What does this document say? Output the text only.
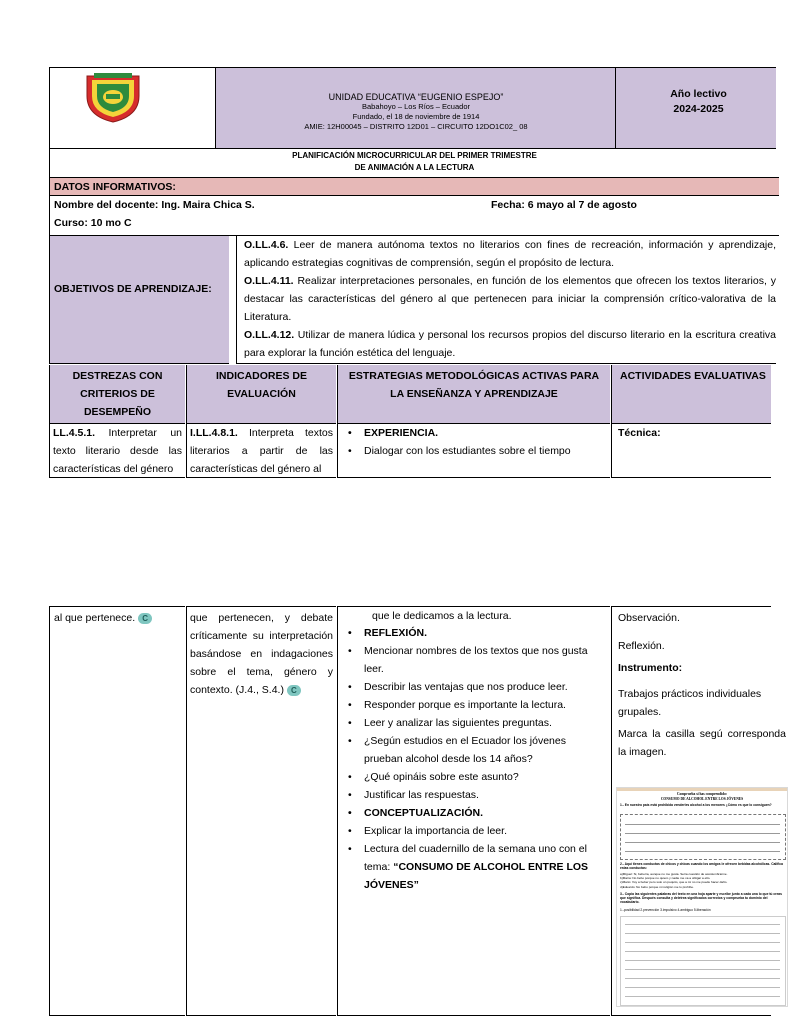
UNIDAD EDUCATIVA “EUGENIO ESPEJO”
Babahoyo – Los Ríos – Ecuador
Fundado, el 18 de noviembre de 1914
AMIE: 12H00045 – DISTRITO 12D01 – CIRCUITO 12DO1C02_ 08
Año lectivo
2024-2025
PLANIFICACIÓN MICROCURRICULAR DEL PRIMER TRIMESTRE
DE ANIMACIÓN A LA LECTURA
DATOS INFORMATIVOS:
Nombre del docente: Ing. Maira Chica S.	Fecha: 6 mayo al 7 de agosto
Curso: 10 mo C
OBJETIVOS DE APRENDIZAJE:
O.LL.4.6. Leer de manera autónoma textos no literarios con fines de recreación, información y aprendizaje, aplicando estrategias cognitivas de comprensión, según el propósito de lectura.
O.LL.4.11. Realizar interpretaciones personales, en función de los elementos que ofrecen los textos literarios, y destacar las características del género al que pertenecen para iniciar la comprensión crítico-valorativa de la Literatura.
O.LL.4.12. Utilizar de manera lúdica y personal los recursos propios del discurso literario en la escritura creativa para explorar la función estética del lenguaje.
DESTREZAS CON CRITERIOS DE DESEMPEÑO
INDICADORES DE EVALUACIÓN
ESTRATEGIAS METODOLÓGICAS ACTIVAS PARA LA ENSEÑANZA Y APRENDIZAJE
ACTIVIDADES EVALUATIVAS
LL.4.5.1. Interpretar un texto literario desde las características del género
I.LL.4.8.1. Interpreta textos literarios a partir de las características del género al
• EXPERIENCIA.
• Dialogar con los estudiantes sobre el tiempo
Técnica:
al que pertenece. C	que pertenecen, y debate críticamente su interpretación basándose en indagaciones sobre el tema, género y contexto. (J.4., S.4.) C
que le dedicamos a la lectura.
• REFLEXIÓN.
• Mencionar nombres de los textos que nos gusta leer.
• Describir las ventajas que nos produce leer.
• Responder porque es importante la lectura.
• Leer y analizar las siguientes preguntas.
• ¿Según estudios en el Ecuador los jóvenes prueban alcohol desde los 14 años?
• ¿Qué opináis sobre este asunto?
• Justificar las respuestas.
• CONCEPTUALIZACIÓN.
• Explicar la importancia de leer.
• Lectura del cuadernillo de la semana uno con el tema: “CONSUMO DE ALCOHOL ENTRE LOS JÓVENES”
Observación.
Reflexión.
Instrumento:
Trabajos prácticos individuales grupales.
Marca la casilla segú corresponda la imagen.
Comprueba si has comprendido:
CONSUMO DE ALCOHOL ENTRE LOS JÓVENES
1.- En nuestro país está prohibida venderles alcohol a los menores ¿Cómo es que lo consiguen?
2.- Aquí tienes conductas de chicos y chicas cuando los amigos le ofrecen bebidas alcohólicas. Califica estas conductas:
a)Miguel: Si, bebería, aunque no me gusta. Sería cuestión de acostumbrarme.
b)María: No bebo porque no quiero y nadie me va a obligar a ello.
c)Mario: Voy a beber pero solo un poquito, que a mí no me puede hacer daño.
d)Eduardo: No bebo porque mi religión me lo prohíbe.
3.- Copia las siguientes palabras del texto en una hoja aparte y escribe junto a cada una lo que tú creas que significa. Después consulta y deletrea significados correctos y comprueba tu dominio del vocabulario.
1.-posibilidad 2.prevención 3.impulsivo 4.ambiguo 5.liberación
